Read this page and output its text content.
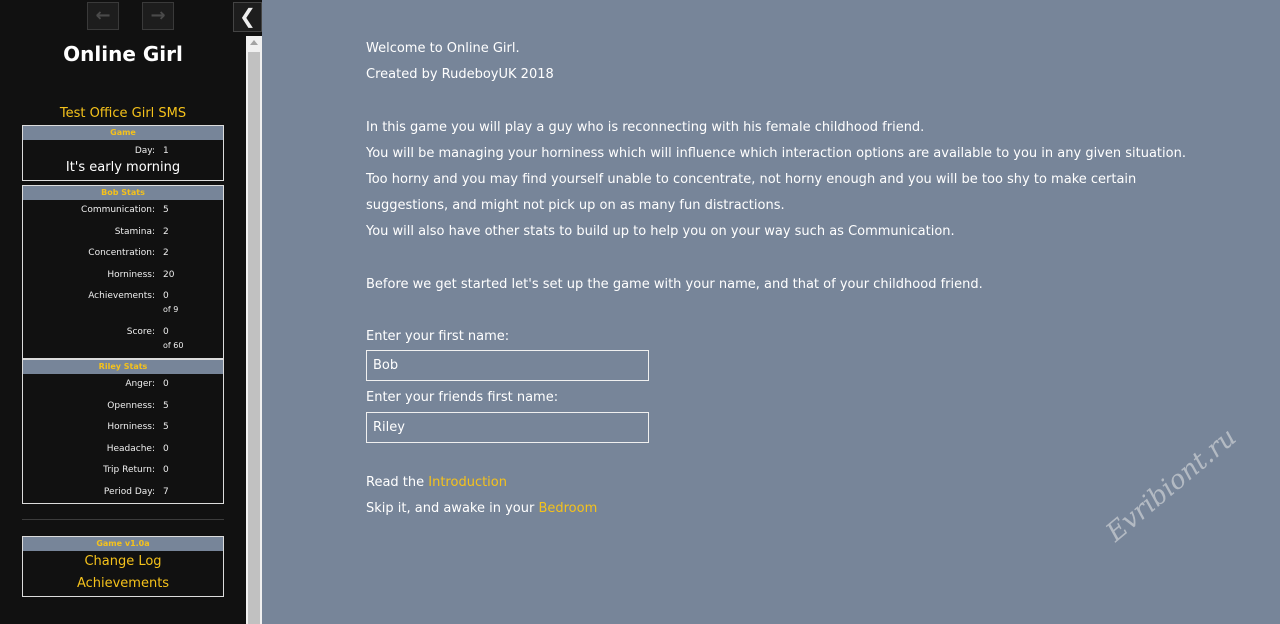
←	→
Online Girl
Test Office Girl SMS
Game
Day: 1
It's early morning
Bob Stats
Communication: 5
Stamina: 2
Concentration: 2
Horniness: 20
Achievements: 0
of 9
Score: 0
of 60
Riley Stats
Anger: 0
Openness: 5
Horniness: 5
Headache: 0
Trip Return: 0
Period Day: 7
Game v1.0a
Change Log
Achievements
❮

Welcome to Online Girl.

Created by RudeboyUK 2018

In this game you will play a guy who is reconnecting with his female childhood friend.

You will be managing your horniness which will influence which interaction options are available to you in any given situation. Too horny and you may find yourself unable to concentrate, not horny enough and you will be too shy to make certain suggestions, and might not pick up on as many fun distractions.

You will also have other stats to build up to help you on your way such as Communication.

Before we get started let's set up the game with your name, and that of your childhood friend.

Enter your first name:

Bob

Enter your friends first name:

Riley

Read the Introduction

Skip it, and awake in your Bedroom	Evribiont.ru
